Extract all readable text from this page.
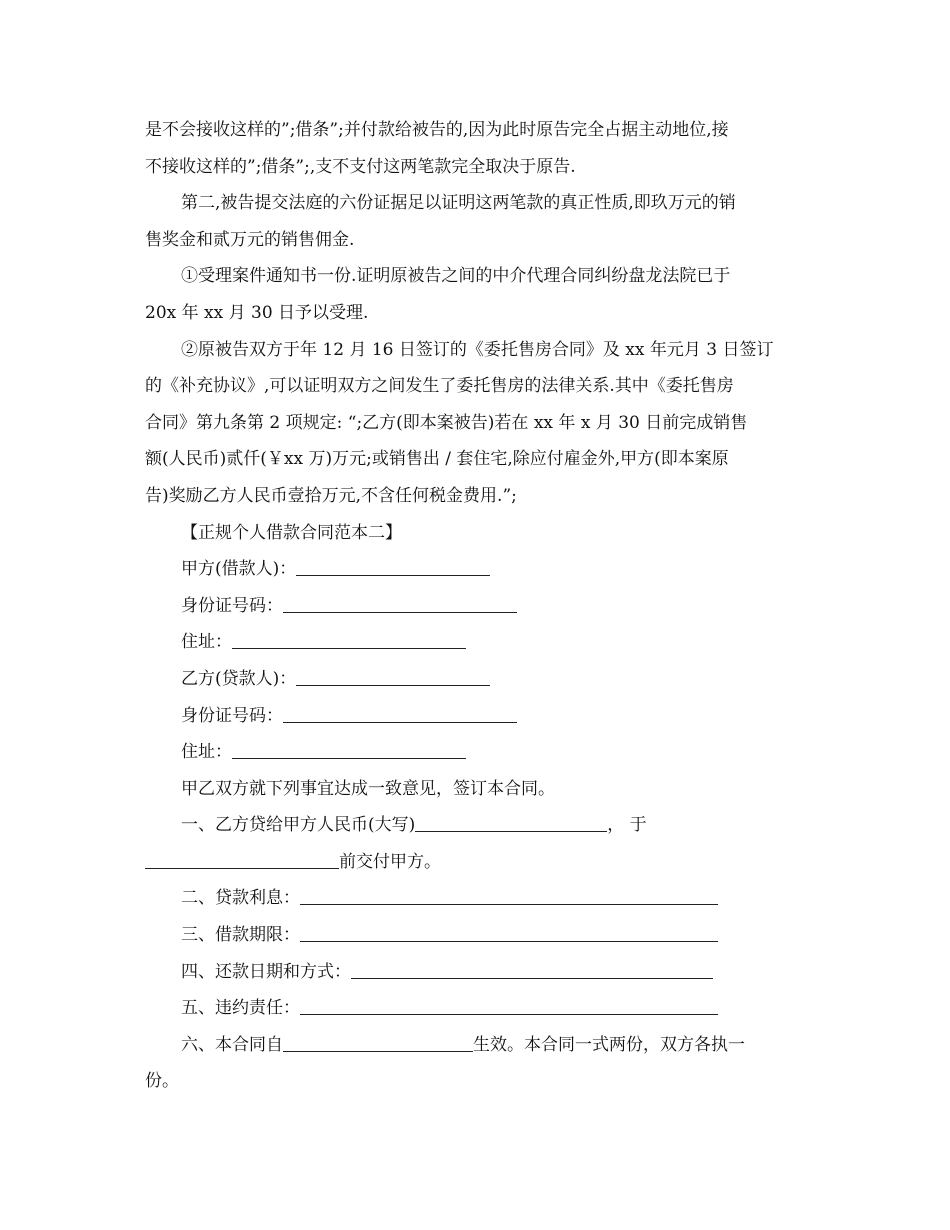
是不会接收这样的”;借条”;并付款给被告的,因为此时原告完全占据主动地位,接
不接收这样的”;借条”;,支不支付这两笔款完全取决于原告.
第二,被告提交法庭的六份证据足以证明这两笔款的真正性质,即玖万元的销
售奖金和贰万元的销售佣金.
①受理案件通知书一份.证明原被告之间的中介代理合同纠纷盘龙法院已于
20x 年 xx 月 30 日予以受理.
②原被告双方于年 12 月 16 日签订的《委托售房合同》及 xx 年元月 3 日签订
的《补充协议》,可以证明双方之间发生了委托售房的法律关系.其中《委托售房
合同》第九条第 2 项规定: “;乙方(即本案被告)若在 xx 年 x 月 30 日前完成销售
额(人民币)贰仟(￥xx 万)万元;或销售出 / 套住宅,除应付雇金外,甲方(即本案原
告)奖励乙方人民币壹拾万元,不含任何税金费用.”;
【正规个人借款合同范本二】
甲方(借款人)：
身份证号码：
住址：
乙方(贷款人)：
身份证号码：
住址：
甲乙双方就下列事宜达成一致意见，签订本合同。
一、乙方贷给甲方人民币(大写)	， 于
前交付甲方。
二、贷款利息：
三、借款期限：
四、还款日期和方式：
五、违约责任：
六、本合同自	生效。本合同一式两份，双方各执一
份。
